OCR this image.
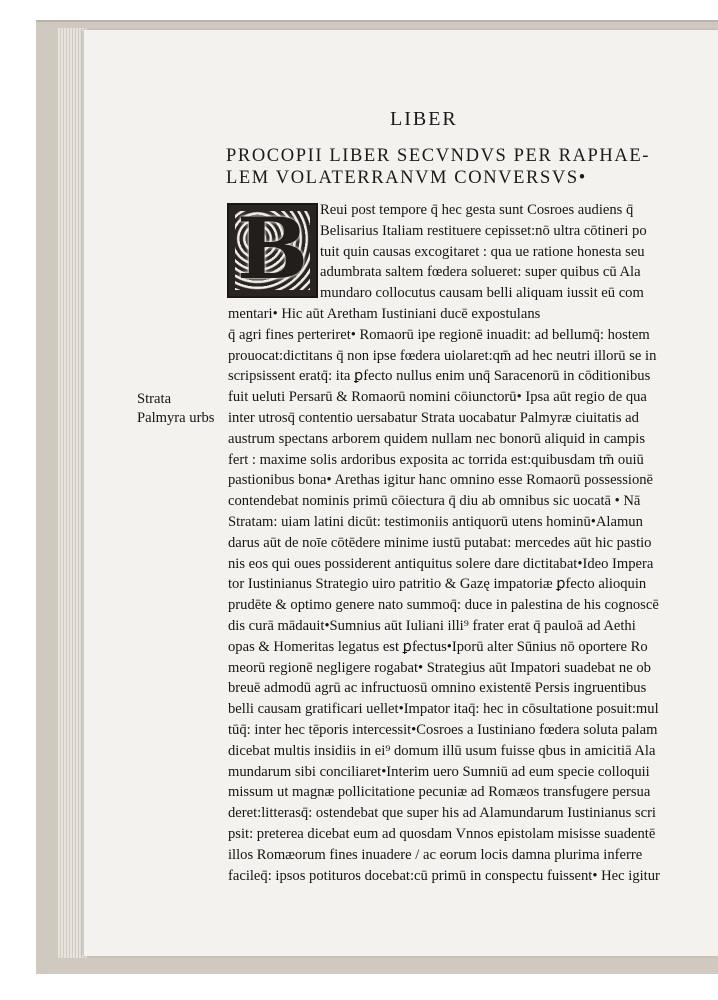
LIBER
PROCOPII LIBER SECVNDVS PER RAPHAE-
LEM VOLATERRANVM CONVERSVS•
B
Strata
Palmyra urbs
Reui post tempore q̄ hec gesta sunt Cosroes audiens q̄
Belisarius Italiam restituere cepisset:nō ultra cōtineri po
tuit quin causas excogitaret : qua ue ratione honesta seu
adumbrata saltem fœdera solueret: super quibus cū Ala
mundaro collocutus causam belli aliquam iussit eū com
mentari• Hic aūt Aretham Iustiniani ducē expostulans
q̄ agri fines perteriret• Romaorū ipe regionē inuadit: ad bellumq̄: hostem
prouocat:dictitans q̄ non ipse fœdera uiolaret:qm̄ ad hec neutri illorū se in
scripsissent eratq̄: ita ꝑfecto nullus enim unq̄ Saracenorū in cōditionibus
fuit ueluti Persarū & Romaorū nomini cōiunctorū• Ipsa aūt regio de qua
inter utrosq̄ contentio uersabatur Strata uocabatur Palmyræ ciuitatis ad
austrum spectans arborem quidem nullam nec bonorū aliquid in campis
fert : maxime solis ardoribus exposita ac torrida est:quibusdam tm̄ ouiū
pastionibus bona• Arethas igitur hanc omnino esse Romaorū possessionē
contendebat nominis primū cōiectura q̄ diu ab omnibus sic uocatā • Nā
Stratam: uiam latini dicūt: testimoniis antiquorū utens hominū•Alamun
darus aūt de noīe cōtēdere minime iustū putabat: mercedes aūt hic pastio
nis eos qui oues possiderent antiquitus solere dare dictitabat•Ideo Impera
tor Iustinianus Strategio uiro patritio & Gazę impatoriæ ꝑfecto alioquin
prudēte & optimo genere nato summoq̄: duce in palestina de his cognoscē
dis curā mādauit•Sumnius aūt Iuliani illi⁹ frater erat q̄ pauloā ad Aethi
opas & Homeritas legatus est ꝑfectus•Iporū alter Sūnius nō oportere Ro
meorū regionē negligere rogabat• Strategius aūt Impatori suadebat ne ob
breuē admodū agrū ac infructuosū omnino existentē Persis ingruentibus
belli causam gratificari uellet•Impator itaq̄: hec in cōsultatione posuit:mul
tūq̄: inter hec tēporis intercessit•Cosroes a Iustiniano fœdera soluta palam
dicebat multis insidiis in ei⁹ domum illū usum fuisse qbus in amicitiā Ala
mundarum sibi conciliaret•Interim uero Sumniū ad eum specie colloquii
missum ut magnæ pollicitatione pecuniæ ad Romæos transfugere persua
deret:litterasq̄: ostendebat que super his ad Alamundarum Iustinianus scri
psit: preterea dicebat eum ad quosdam Vnnos epistolam misisse suadentē
illos Romæorum fines inuadere / ac eorum locis damna plurima inferre
facileq̄: ipsos potituros docebat:cū primū in conspectu fuissent• Hec igitur
